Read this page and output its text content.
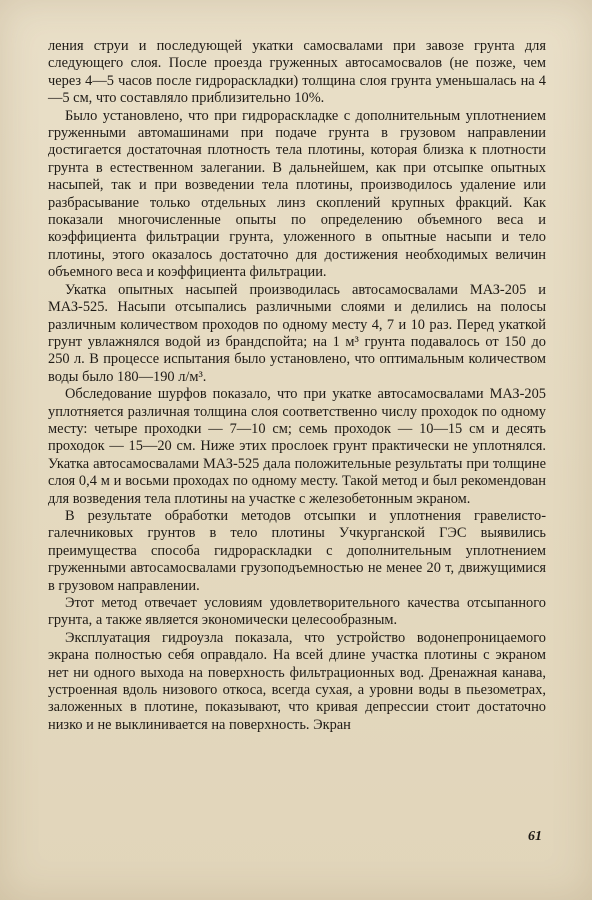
ления струи и последующей укатки самосвалами при завозе грунта для следующего слоя. После проезда груженных автосамосвалов (не позже, чем через 4—5 часов после гидрораскладки) толщина слоя грунта уменьшалась на 4—5 см, что составляло приблизительно 10%.

Было установлено, что при гидрораскладке с дополнительным уплотнением груженными автомашинами при подаче грунта в грузовом направлении достигается достаточная плотность тела плотины, которая близка к плотности грунта в естественном залегании. В дальнейшем, как при отсыпке опытных насыпей, так и при возведении тела плотины, производилось удаление или разбрасывание только отдельных линз скоплений крупных фракций. Как показали многочисленные опыты по определению объемного веса и коэффициента фильтрации грунта, уложенного в опытные насыпи и тело плотины, этого оказалось достаточно для достижения необходимых величин объемного веса и коэффициента фильтрации.

Укатка опытных насыпей производилась автосамосвалами МАЗ-205 и МАЗ-525. Насыпи отсыпались различными слоями и делились на полосы различным количеством проходов по одному месту 4, 7 и 10 раз. Перед укаткой грунт увлажнялся водой из брандспойта; на 1 м³ грунта подавалось от 150 до 250 л. В процессе испытания было установлено, что оптимальным количеством воды было 180—190 л/м³.

Обследование шурфов показало, что при укатке автосамосвалами МАЗ-205 уплотняется различная толщина слоя соответственно числу проходок по одному месту: четыре проходки — 7—10 см; семь проходок — 10—15 см и десять проходок — 15—20 см. Ниже этих прослоек грунт практически не уплотнялся. Укатка автосамосвалами МАЗ-525 дала положительные результаты при толщине слоя 0,4 м и восьми проходах по одному месту. Такой метод и был рекомендован для возведения тела плотины на участке с железобетонным экраном.

В результате обработки методов отсыпки и уплотнения гравелисто-галечниковых грунтов в тело плотины Учкурганской ГЭС выявились преимущества способа гидрораскладки с дополнительным уплотнением груженными автосамосвалами грузоподъемностью не менее 20 т, движущимися в грузовом направлении.

Этот метод отвечает условиям удовлетворительного качества отсыпанного грунта, а также является экономически целесообразным.

Эксплуатация гидроузла показала, что устройство водонепроницаемого экрана полностью себя оправдало. На всей длине участка плотины с экраном нет ни одного выхода на поверхность фильтрационных вод. Дренажная канава, устроенная вдоль низового откоса, всегда сухая, а уровни воды в пьезометрах, заложенных в плотине, показывают, что кривая депрессии стоит достаточно низко и не выклинивается на поверхность. Экран

61
